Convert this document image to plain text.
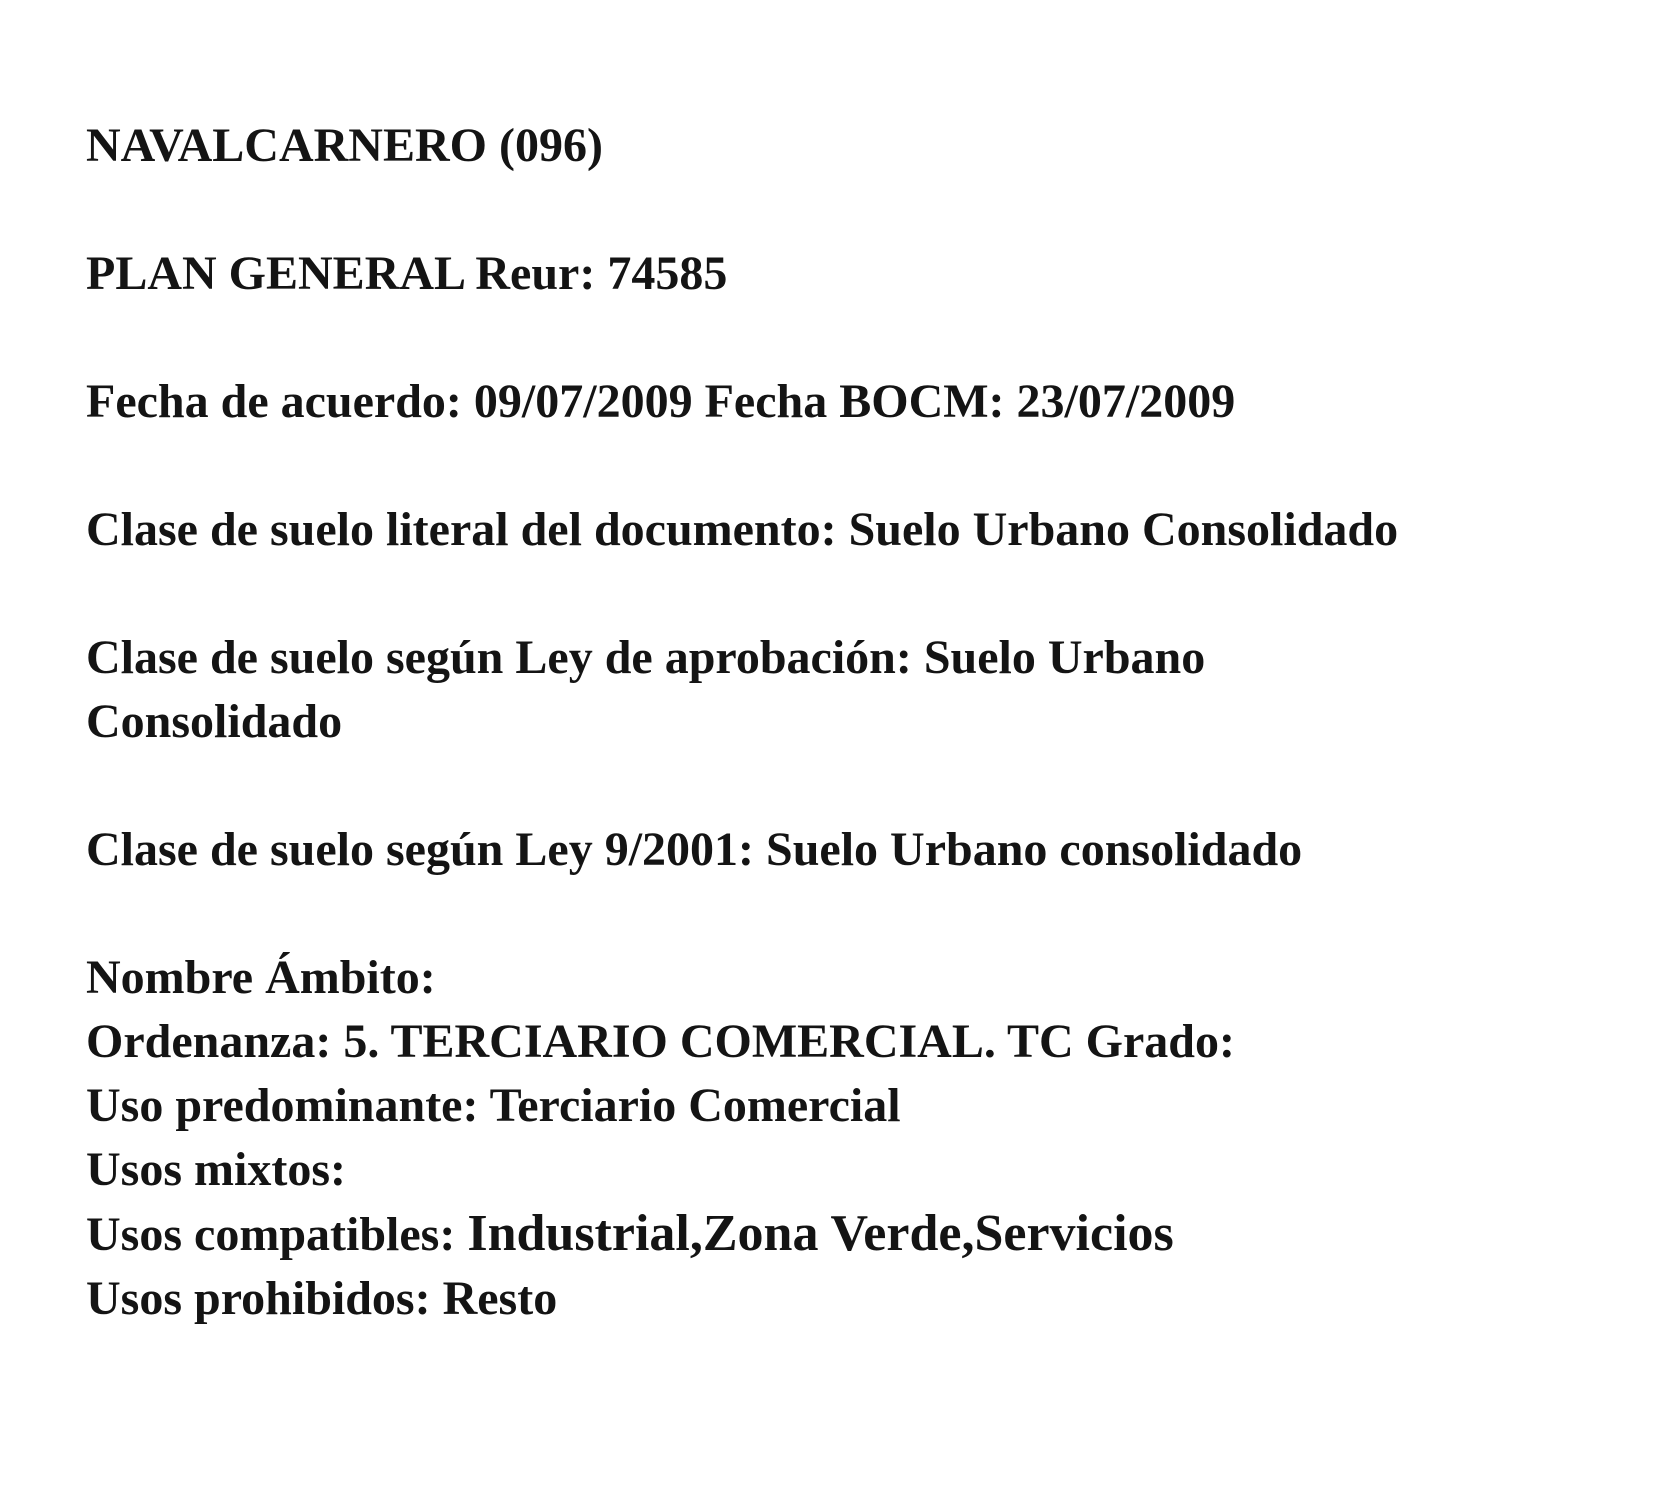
NAVALCARNERO (096)

PLAN GENERAL Reur: 74585

Fecha de acuerdo: 09/07/2009 Fecha BOCM: 23/07/2009

Clase de suelo literal del documento: Suelo Urbano Consolidado

Clase de suelo según Ley de aprobación: Suelo Urbano Consolidado

Clase de suelo según Ley 9/2001: Suelo Urbano consolidado

Nombre Ámbito:

Ordenanza: 5. TERCIARIO COMERCIAL. TC Grado:

Uso predominante: Terciario Comercial

Usos mixtos:

Usos compatibles: Industrial,Zona Verde,Servicios

Usos prohibidos: Resto
